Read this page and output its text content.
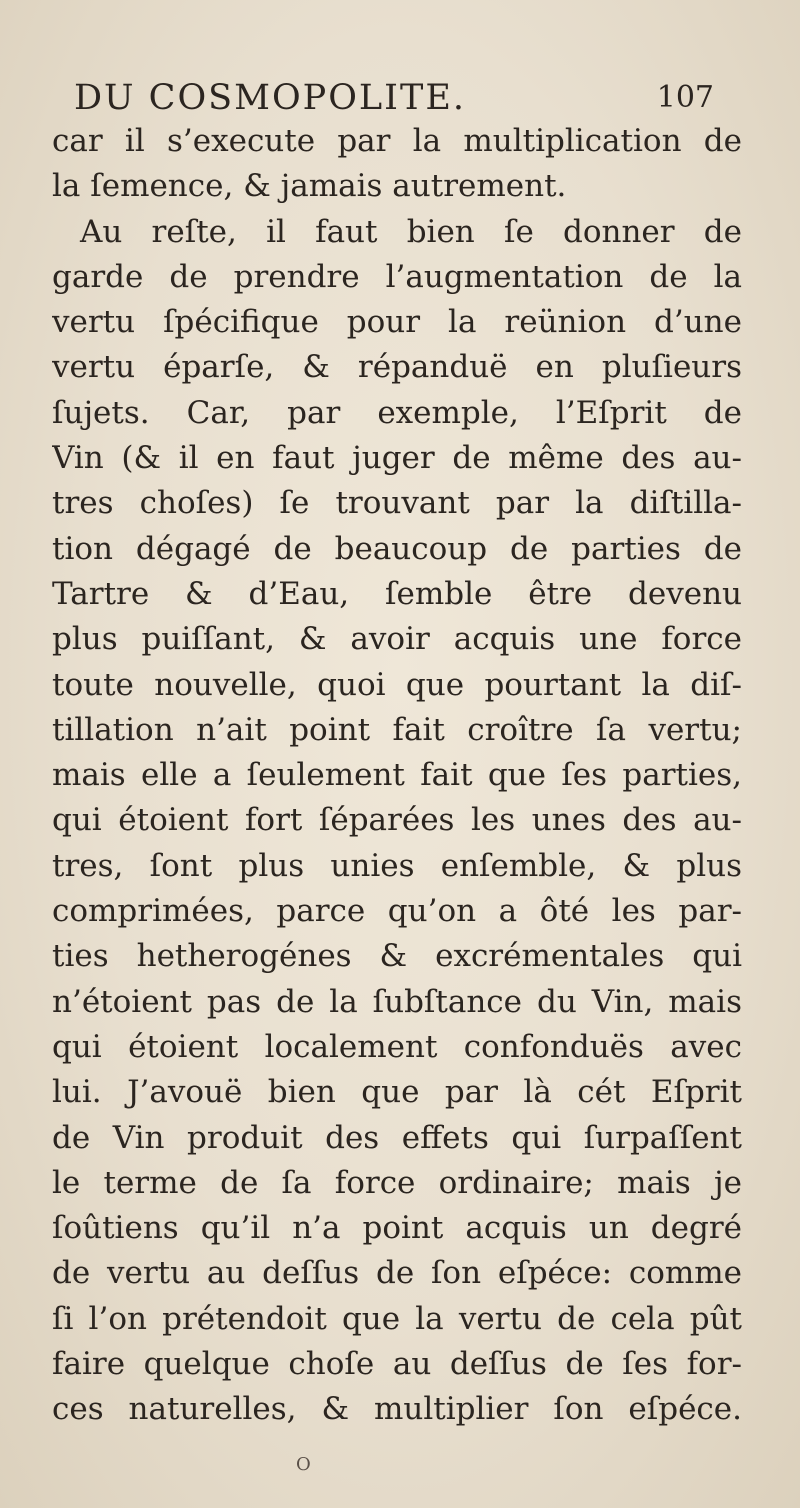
DU COSMOPOLITE.	107
car il s’execute par la multiplication de
la ſemence, & jamais autrement.
Au reſte, il faut bien ſe donner de
garde de prendre l’augmentation de la
vertu ſpécifique pour la reünion d’une
vertu éparſe, & répanduë en pluſieurs
ſujets. Car, par exemple, l’Eſprit de
Vin (& il en faut juger de même des au-
tres choſes) ſe trouvant par la diſtilla-
tion dégagé de beaucoup de parties de
Tartre & d’Eau, ſemble être devenu
plus puiſſant, & avoir acquis une force
toute nouvelle, quoi que pourtant la diſ-
tillation n’ait point fait croître ſa vertu;
mais elle a ſeulement fait que ſes parties,
qui étoient fort ſéparées les unes des au-
tres, ſont plus unies enſemble, & plus
comprimées, parce qu’on a ôté les par-
ties hetherogénes & excrémentales qui
n’étoient pas de la ſubſtance du Vin, mais
qui étoient localement confonduës avec
lui. J’avouë bien que par là cét Eſprit
de Vin produit des effets qui ſurpaſſent
le terme de ſa force ordinaire; mais je
ſoûtiens qu’il n’a point acquis un degré
de vertu au deſſus de ſon eſpéce: comme
ſi l’on prétendoit que la vertu de cela pût
faire quelque choſe au deſſus de ſes for-
ces naturelles, & multiplier ſon eſpéce.
O
